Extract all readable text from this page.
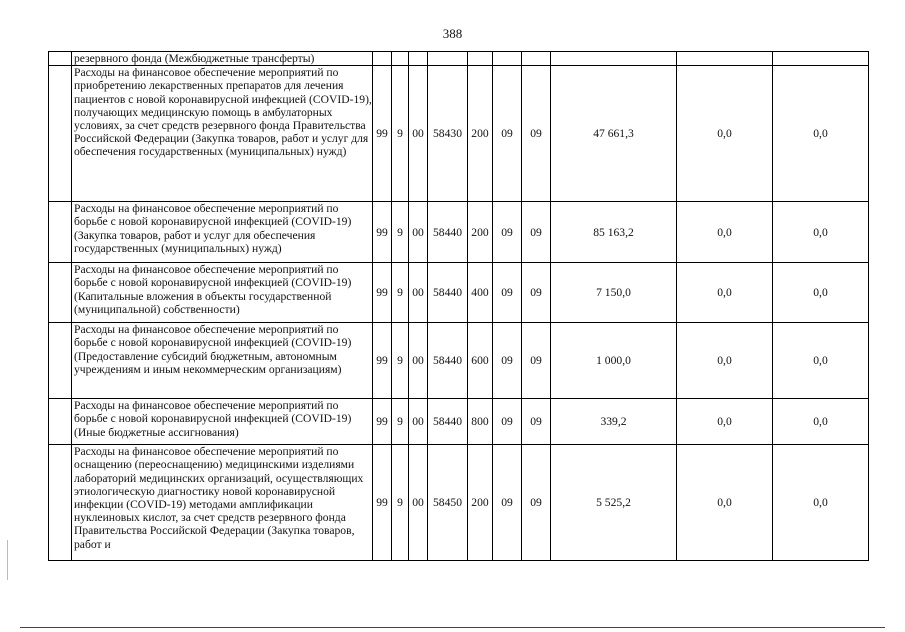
388
	резервного фонда (Межбюджетные трансферты)										
	Расходы на финансовое обеспечение мероприятий по приобретению лекарственных препаратов для лечения пациентов с новой коронавирусной инфекцией (COVID-19), получающих медицинскую помощь в амбулаторных условиях, за счет средств резервного фонда Правительства Российской Федерации (Закупка товаров, работ и услуг для обеспечения государственных (муниципальных) нужд)	99	9	00	58430	200	09	09	47 661,3	0,0	0,0
	Расходы на финансовое обеспечение мероприятий по борьбе с новой коронавирусной инфекцией (COVID-19) (Закупка товаров, работ и услуг для обеспечения государственных (муниципальных) нужд)	99	9	00	58440	200	09	09	85 163,2	0,0	0,0
	Расходы на финансовое обеспечение мероприятий по борьбе с новой коронавирусной инфекцией (COVID-19) (Капитальные вложения в объекты государственной (муниципальной) собственности)	99	9	00	58440	400	09	09	7 150,0	0,0	0,0
	Расходы на финансовое обеспечение мероприятий по борьбе с новой коронавирусной инфекцией (COVID-19) (Предоставление субсидий бюджетным, автономным учреждениям и иным некоммерческим организациям)	99	9	00	58440	600	09	09	1 000,0	0,0	0,0
	Расходы на финансовое обеспечение мероприятий по борьбе с новой коронавирусной инфекцией (COVID-19) (Иные бюджетные ассигнования)	99	9	00	58440	800	09	09	339,2	0,0	0,0
	Расходы на финансовое обеспечение мероприятий по оснащению (переоснащению) медицинскими изделиями лабораторий медицинских организаций, осуществляющих этиологическую диагностику новой коронавирусной инфекции (COVID-19) методами амплификации нуклеиновых кислот, за счет средств резервного фонда Правительства Российской Федерации (Закупка товаров, работ и	99	9	00	58450	200	09	09	5 525,2	0,0	0,0
